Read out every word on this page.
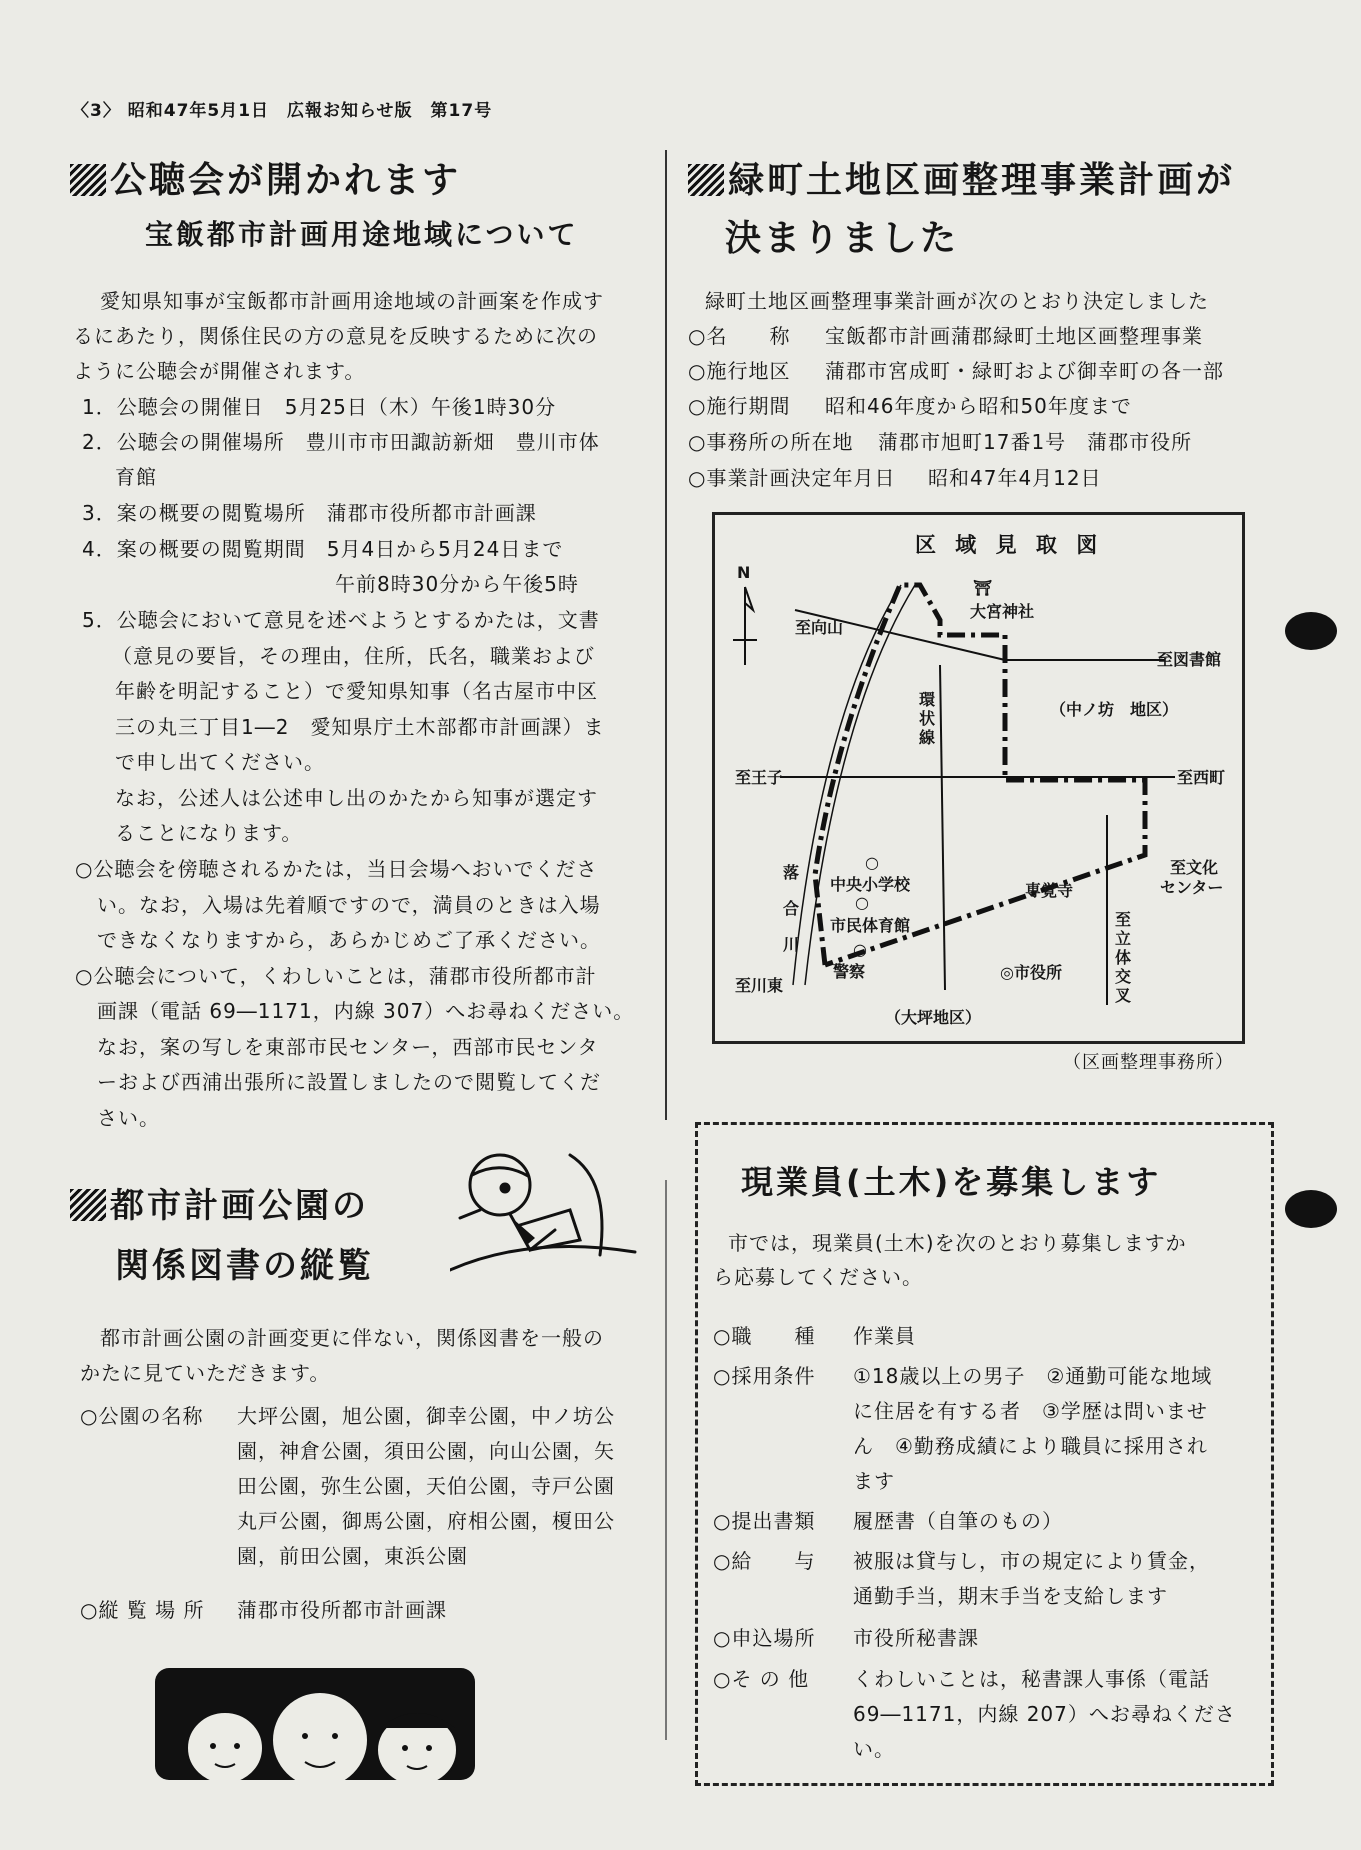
〈3〉 昭和47年5月1日　広報お知らせ版　第17号
公聴会が開かれます
宝飯都市計画用途地域について
愛知県知事が宝飯都市計画用途地域の計画案を作成す
るにあたり，関係住民の方の意見を反映するために次の
ように公聴会が開催されます。
1．公聴会の開催日　5月25日（木）午後1時30分
2．公聴会の開催場所　豊川市市田諏訪新畑　豊川市体
育館
3．案の概要の閲覧場所　蒲郡市役所都市計画課
4．案の概要の閲覧期間　5月4日から5月24日まで
午前8時30分から午後5時
5．公聴会において意見を述べようとするかたは，文書
（意見の要旨，その理由，住所，氏名，職業および
年齢を明記すること）で愛知県知事（名古屋市中区
三の丸三丁目1―2　愛知県庁土木部都市計画課）ま
で申し出てください。
なお，公述人は公述申し出のかたから知事が選定す
ることになります。
○公聴会を傍聴されるかたは，当日会場へおいでくださ
い。なお，入場は先着順ですので，満員のときは入場
できなくなりますから，あらかじめご了承ください。
○公聴会について，くわしいことは，蒲郡市役所都市計
画課（電話 69―1171，内線 307）へお尋ねください。
なお，案の写しを東部市民センター，西部市民センタ
ーおよび西浦出張所に設置しましたので閲覧してくだ
さい。
都市計画公園の
関係図書の縦覧
都市計画公園の計画変更に伴ない，関係図書を一般の
かたに見ていただきます。
○公園の名称 大坪公園，旭公園，御幸公園，中ノ坊公
園，神倉公園，須田公園，向山公園，矢
田公園，弥生公園，天伯公園，寺戸公園
丸戸公園，御馬公園，府相公園，榎田公
園，前田公園，東浜公園
○縦 覧 場 所 蒲郡市役所都市計画課
緑町土地区画整理事業計画が
決まりました
緑町土地区画整理事業計画が次のとおり決定しました
○名　　称 宝飯都市計画蒲郡緑町土地区画整理事業
○施行地区 蒲郡市宮成町・緑町および御幸町の各一部
○施行期間 昭和46年度から昭和50年度まで
○事務所の所在地 蒲郡市旭町17番1号　蒲郡市役所
○事業計画決定年月日 昭和47年4月12日
区 域 見 取 図
N
⛩
大宮神社
至向山
至図書館
環
状
線
（中ノ坊　地区）
至王子	至西町
落
合
川
○
中央小学校
○
市民体育館
○
警察
専覚寺
至文化
センター
◎市役所
至川東
至
立
体
交
叉
（大坪地区）
（区画整理事務所）
現業員(土木)を募集します
市では，現業員(土木)を次のとおり募集しますか
ら応募してください。
○職　　種 作業員
○採用条件 ①18歳以上の男子　②通勤可能な地域
に住居を有する者　③学歴は問いませ
ん　④勤務成績により職員に採用され
ます
○提出書類 履歴書（自筆のもの）
○給　　与 被服は貸与し，市の規定により賃金，
通勤手当，期末手当を支給します
○申込場所 市役所秘書課
○そ の 他 くわしいことは，秘書課人事係（電話
69―1171，内線 207）へお尋ねくださ
い。
